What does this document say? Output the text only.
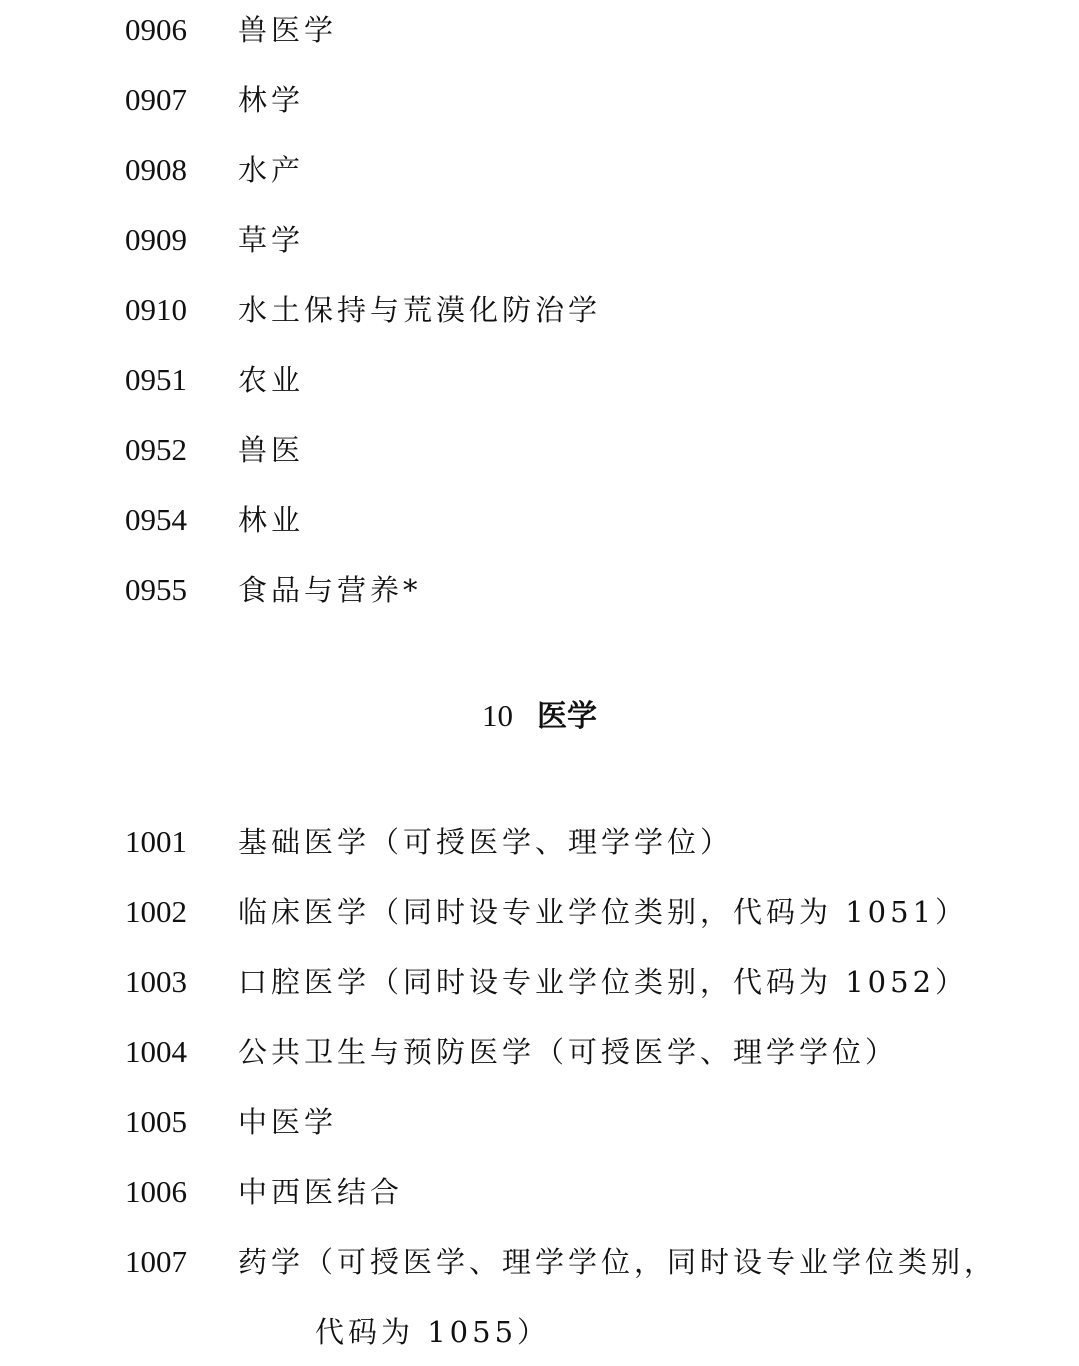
0906 兽医学
0907 林学
0908 水产
0909 草学
0910 水土保持与荒漠化防治学
0951 农业
0952 兽医
0954 林业
0955 食品与营养*
10 医学
1001 基础医学（可授医学、理学学位）
1002 临床医学（同时设专业学位类别，代码为 1051）
1003 口腔医学（同时设专业学位类别，代码为 1052）
1004 公共卫生与预防医学（可授医学、理学学位）
1005 中医学
1006 中西医结合
1007 药学（可授医学、理学学位，同时设专业学位类别，
代码为 1055）
